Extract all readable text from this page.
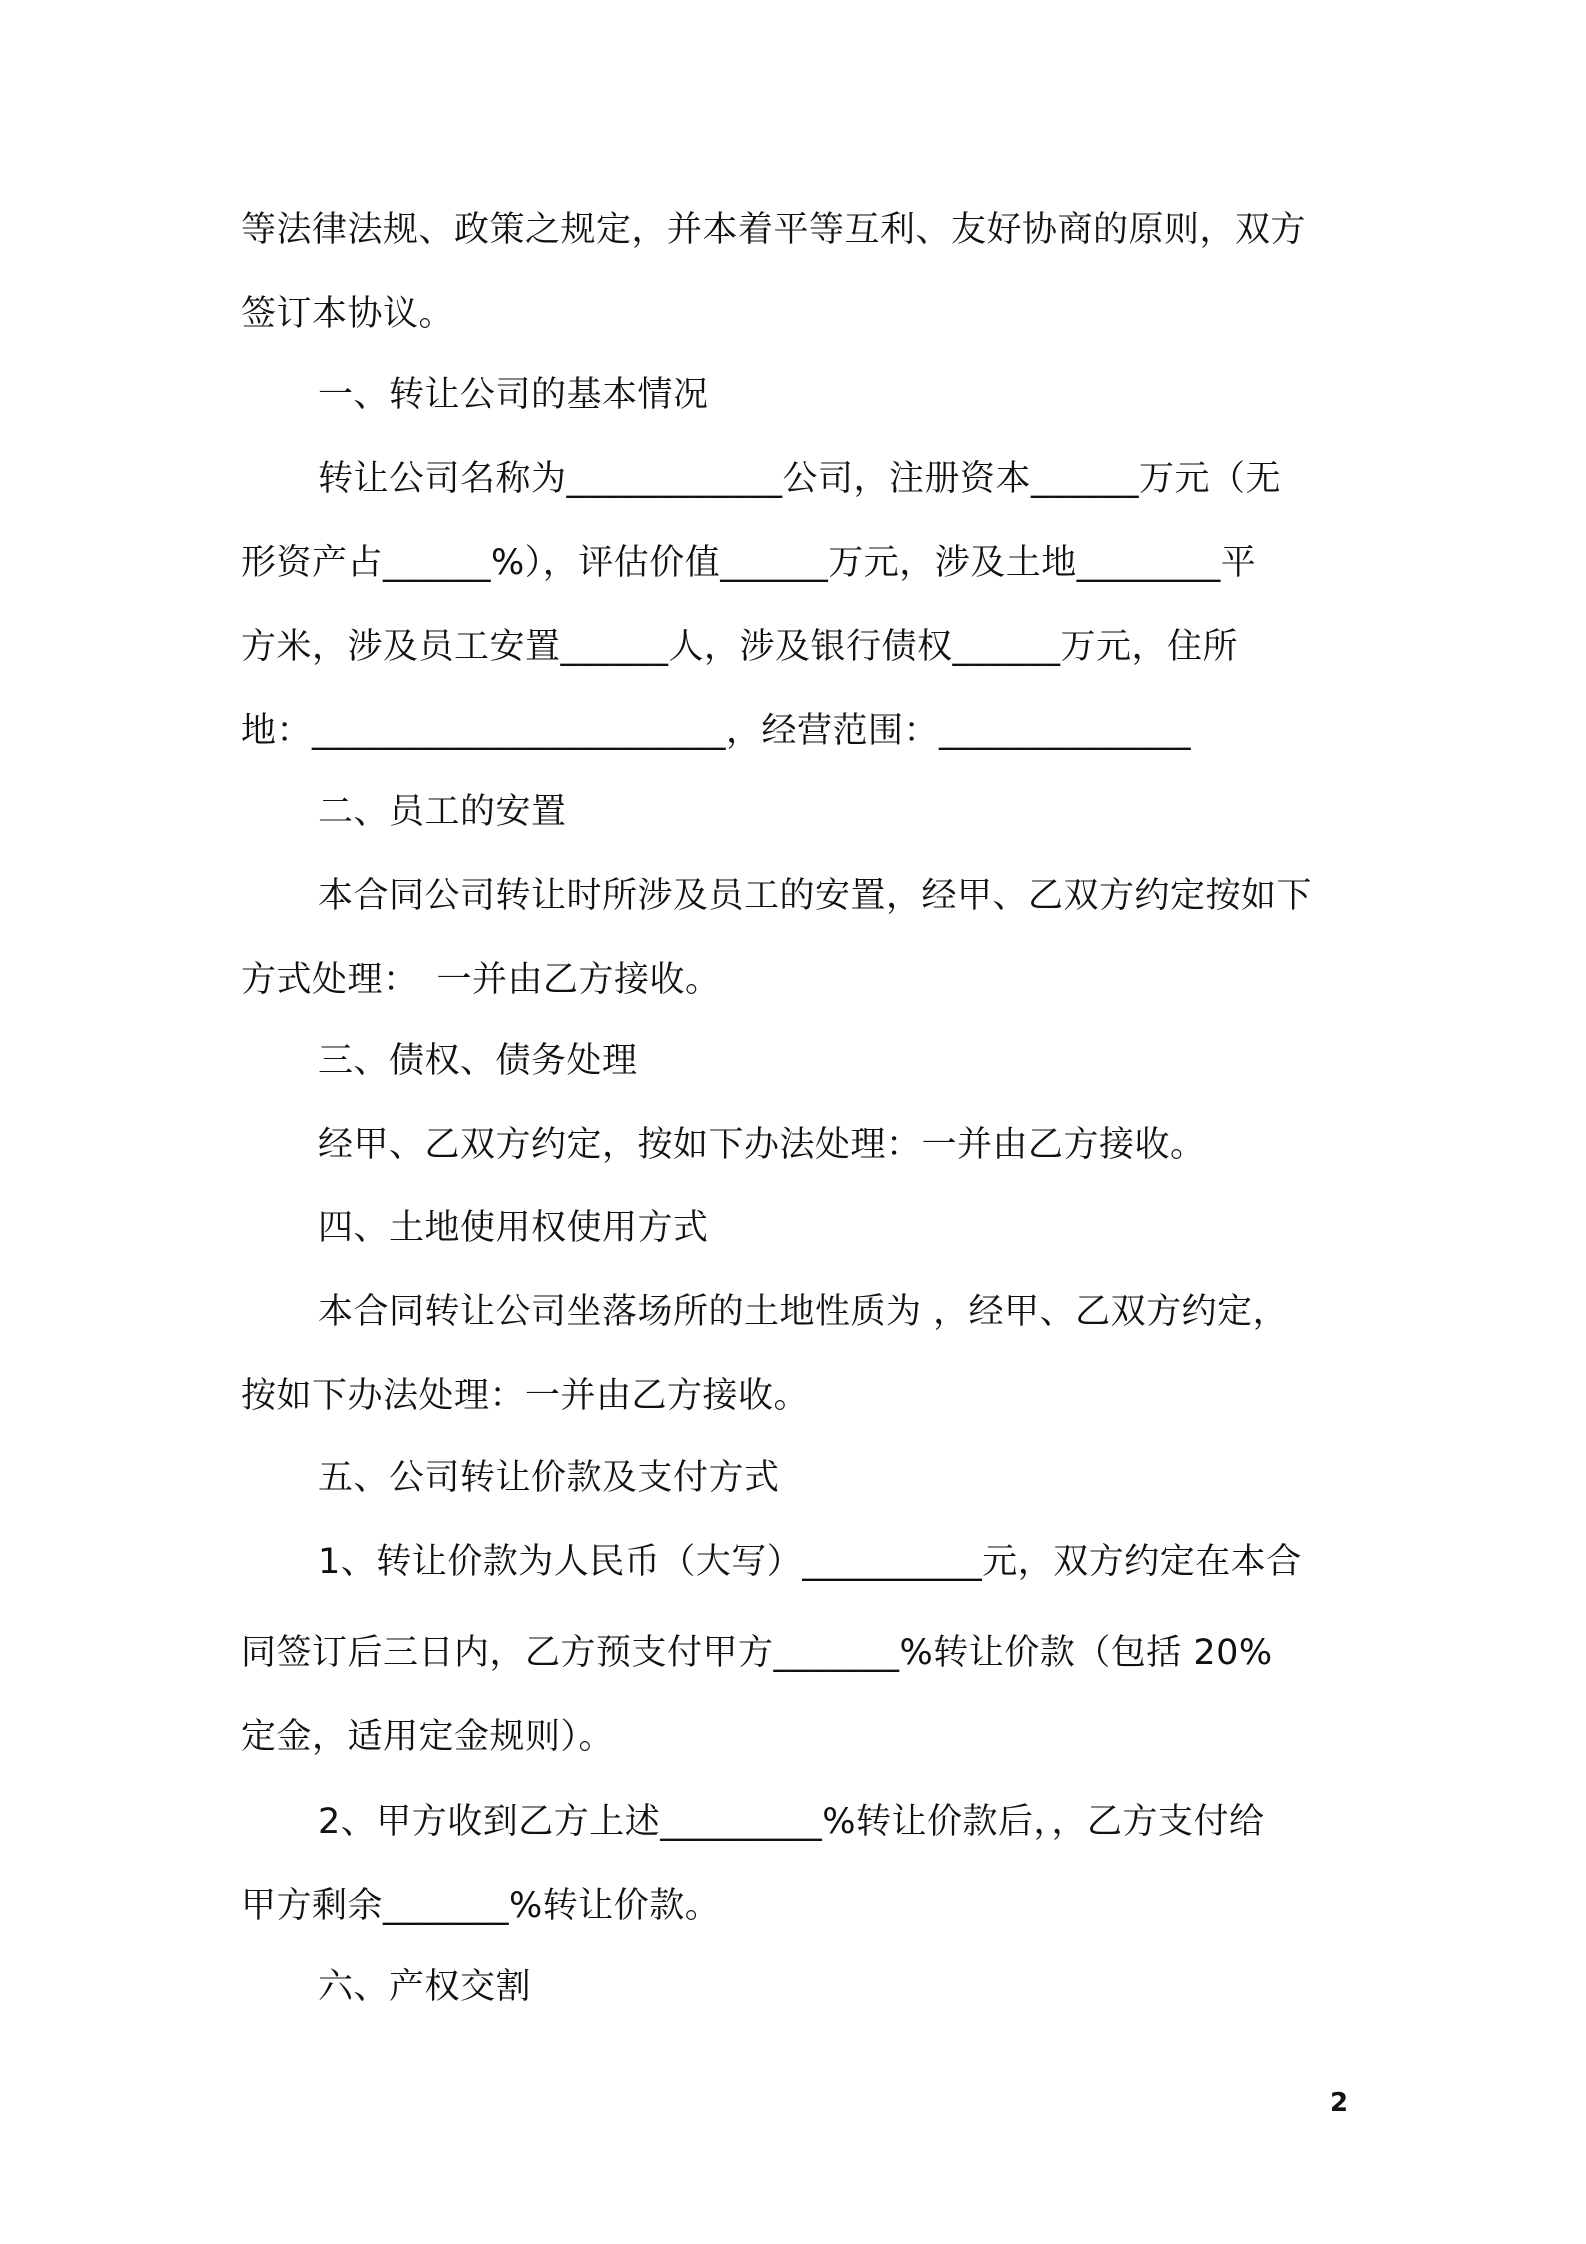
等法律法规、政策之规定，并本着平等互利、友好协商的原则，双方

签订本协议。

一、转让公司的基本情况

转让公司名称为____________公司，注册资本______万元（无

形资产占______%），评估价值______万元，涉及土地________平

方米，涉及员工安置______人，涉及银行债权______万元，住所

地：_______________________，经营范围：______________

二、员工的安置

本合同公司转让时所涉及员工的安置，经甲、乙双方约定按如下

方式处理：　一并由乙方接收。

三、债权、债务处理

经甲、乙双方约定，按如下办法处理：一并由乙方接收。

四、土地使用权使用方式

本合同转让公司坐落场所的土地性质为 ，经甲、乙双方约定，

按如下办法处理：一并由乙方接收。

五、公司转让价款及支付方式

1、转让价款为人民币（大写）__________元，双方约定在本合

同签订后三日内，乙方预支付甲方_______%转让价款（包括 20%

定金，适用定金规则）。

2、甲方收到乙方上述_________%转让价款后，，乙方支付给

甲方剩余_______%转让价款。

六、产权交割

2
